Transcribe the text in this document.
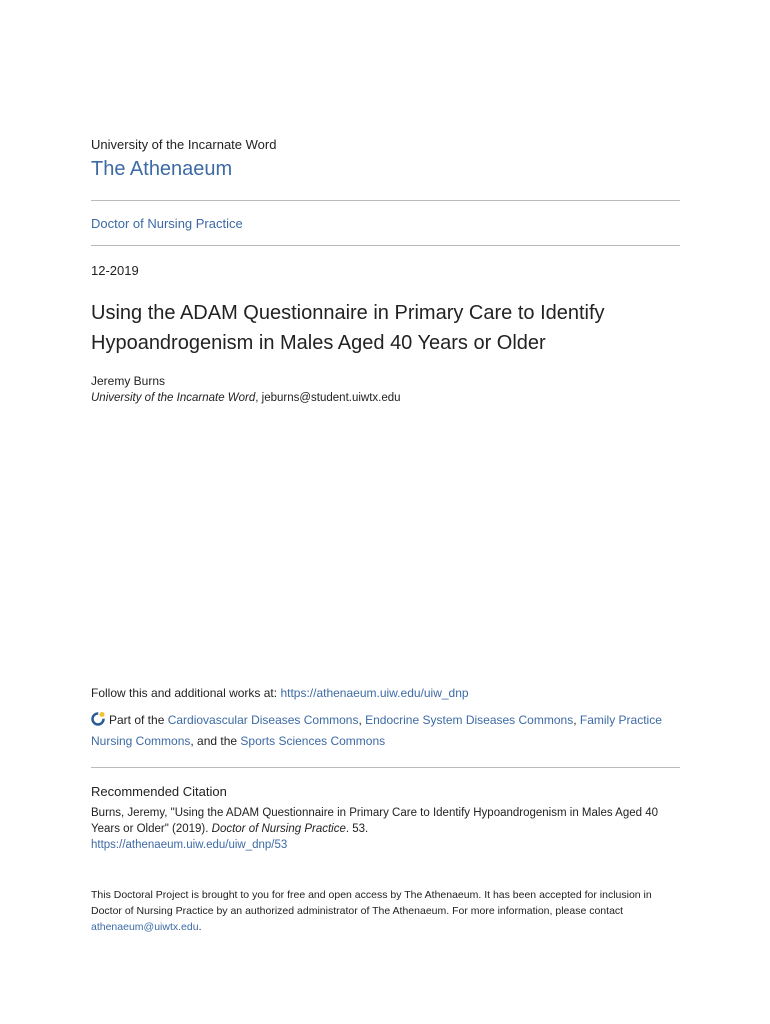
University of the Incarnate Word
The Athenaeum
Doctor of Nursing Practice
12-2019
Using the ADAM Questionnaire in Primary Care to Identify Hypoandrogenism in Males Aged 40 Years or Older
Jeremy Burns
University of the Incarnate Word, jeburns@student.uiwtx.edu
Follow this and additional works at: https://athenaeum.uiw.edu/uiw_dnp
Part of the Cardiovascular Diseases Commons, Endocrine System Diseases Commons, Family Practice Nursing Commons, and the Sports Sciences Commons
Recommended Citation
Burns, Jeremy, "Using the ADAM Questionnaire in Primary Care to Identify Hypoandrogenism in Males Aged 40 Years or Older" (2019). Doctor of Nursing Practice. 53.
https://athenaeum.uiw.edu/uiw_dnp/53
This Doctoral Project is brought to you for free and open access by The Athenaeum. It has been accepted for inclusion in Doctor of Nursing Practice by an authorized administrator of The Athenaeum. For more information, please contact athenaeum@uiwtx.edu.
